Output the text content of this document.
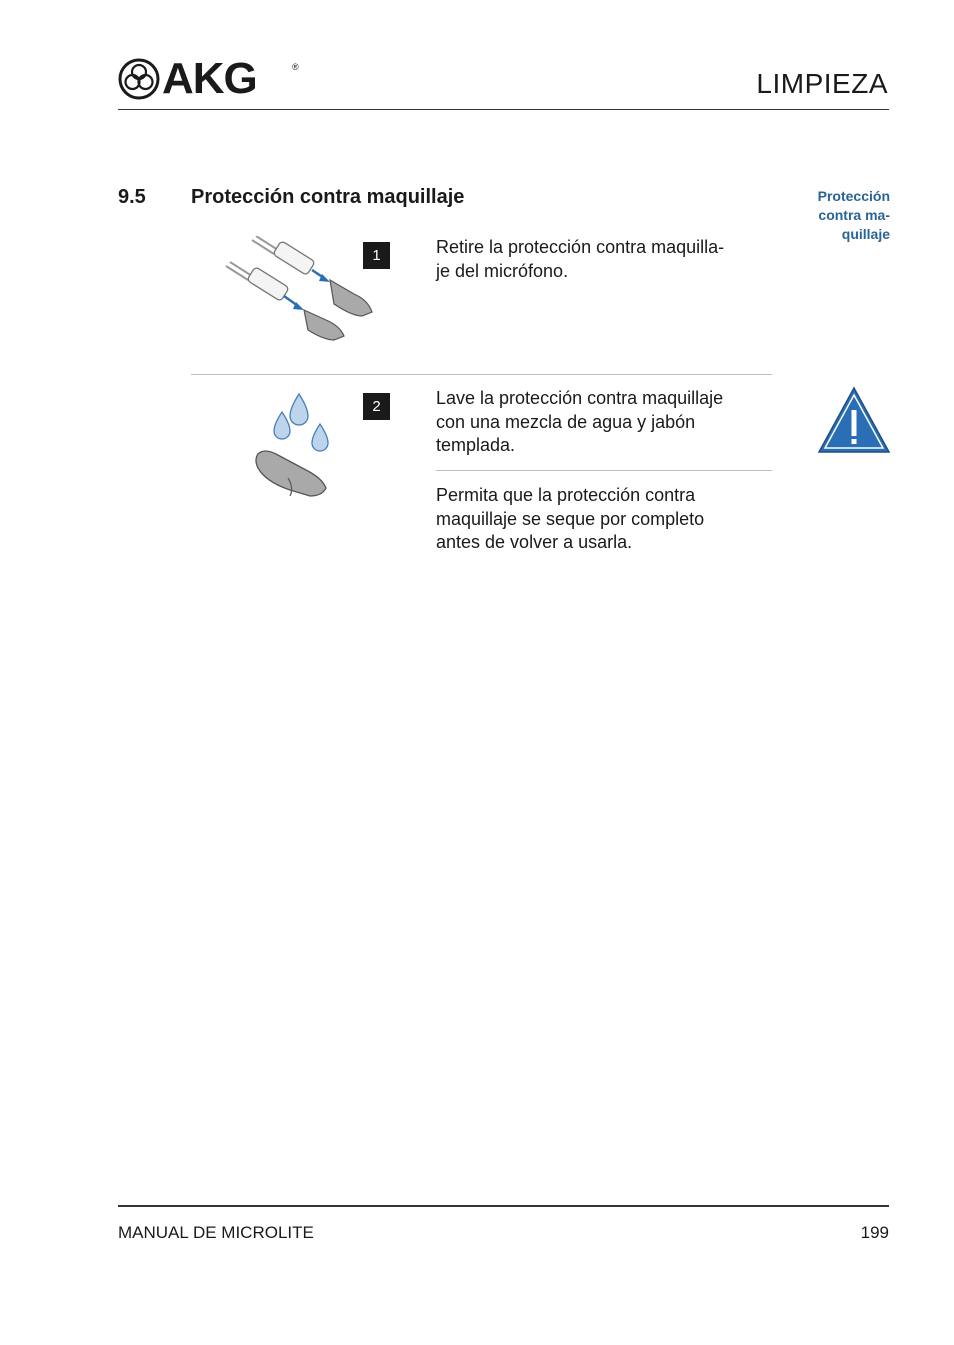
AKG	®
LIMPIEZA
9.5 Protección contra maquillaje	Protección contra ma-quillaje
1	Retire la protección contra maquilla-
je del micrófono.
2	Lave la protección contra maquillaje
con una mezcla de agua y jabón
templada.
Permita que la protección contra
maquillaje se seque por completo
antes de volver a usarla.
MANUAL DE MICROLITE	199
